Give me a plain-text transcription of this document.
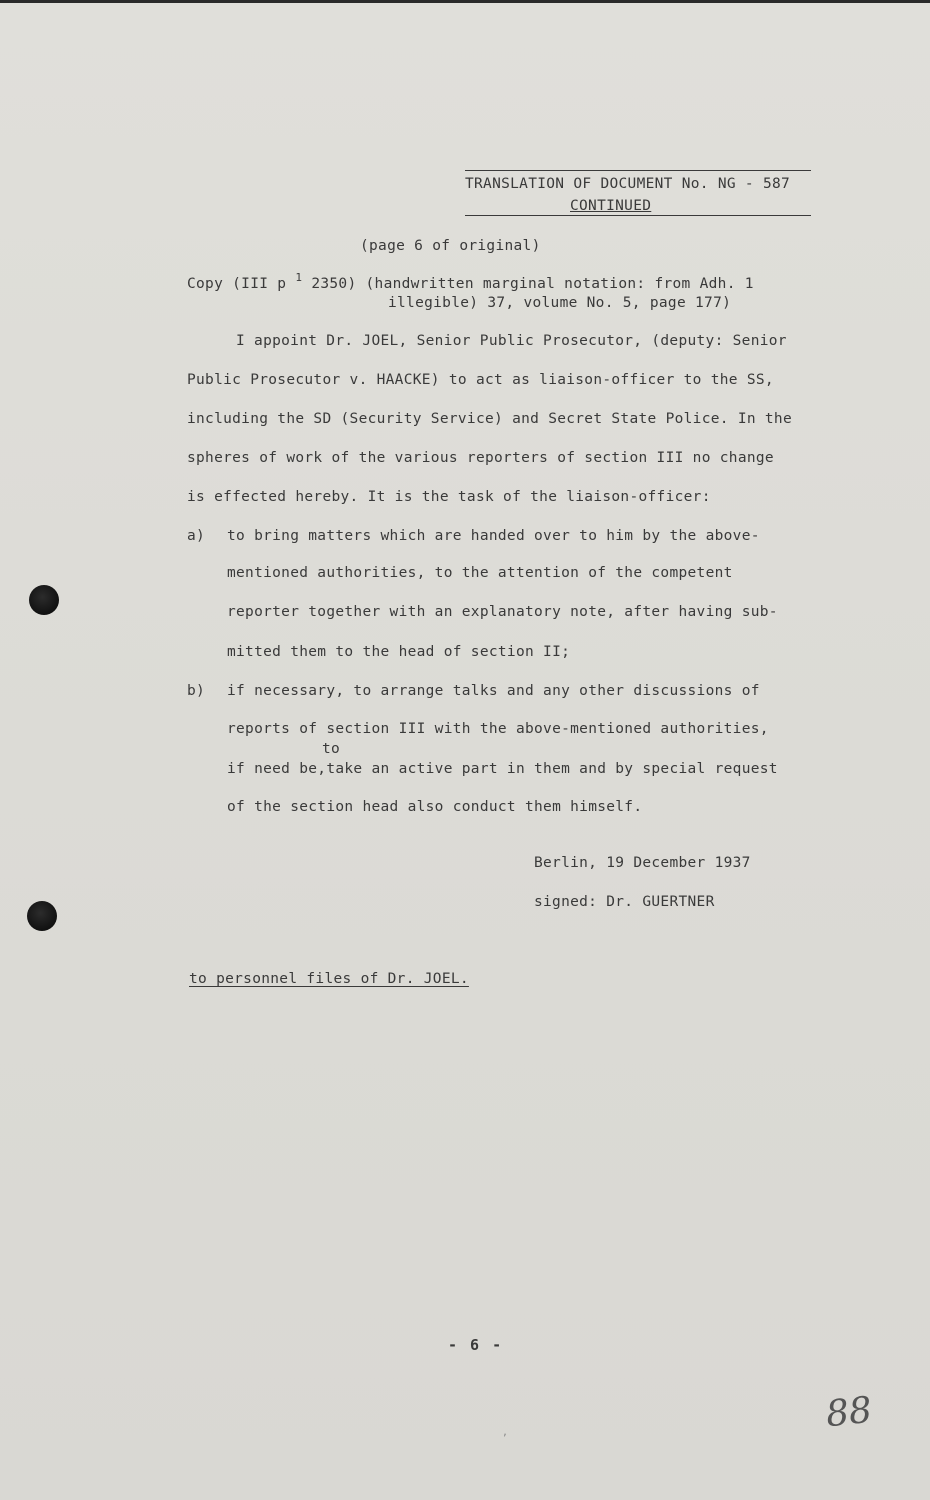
TRANSLATION OF DOCUMENT No. NG - 587
CONTINUED
(page 6 of original)
Copy (III p $^1$ 2350) (handwritten marginal notation: from Adh. 1
illegible) 37, volume No. 5, page 177)
I appoint Dr. JOEL, Senior Public Prosecutor, (deputy: Senior
Public Prosecutor v. HAACKE) to act as liaison-officer to the SS,
including the SD (Security Service) and Secret State Police. In the
spheres of work of the various reporters of section III no change
is effected hereby. It is the task of the liaison-officer:
a) to bring matters which are handed over to him by the above-
mentioned authorities, to the attention of the competent
reporter together with an explanatory note, after having sub-
mitted them to the head of section II;
b) if necessary, to arrange talks and any other discussions of
reports of section III with the above-mentioned authorities,
to
if need be,take an active part in them and by special request
of the section head also conduct them himself.
Berlin, 19 December 1937
signed: Dr. GUERTNER
to personnel files of Dr. JOEL.
- 6 -
88
,
